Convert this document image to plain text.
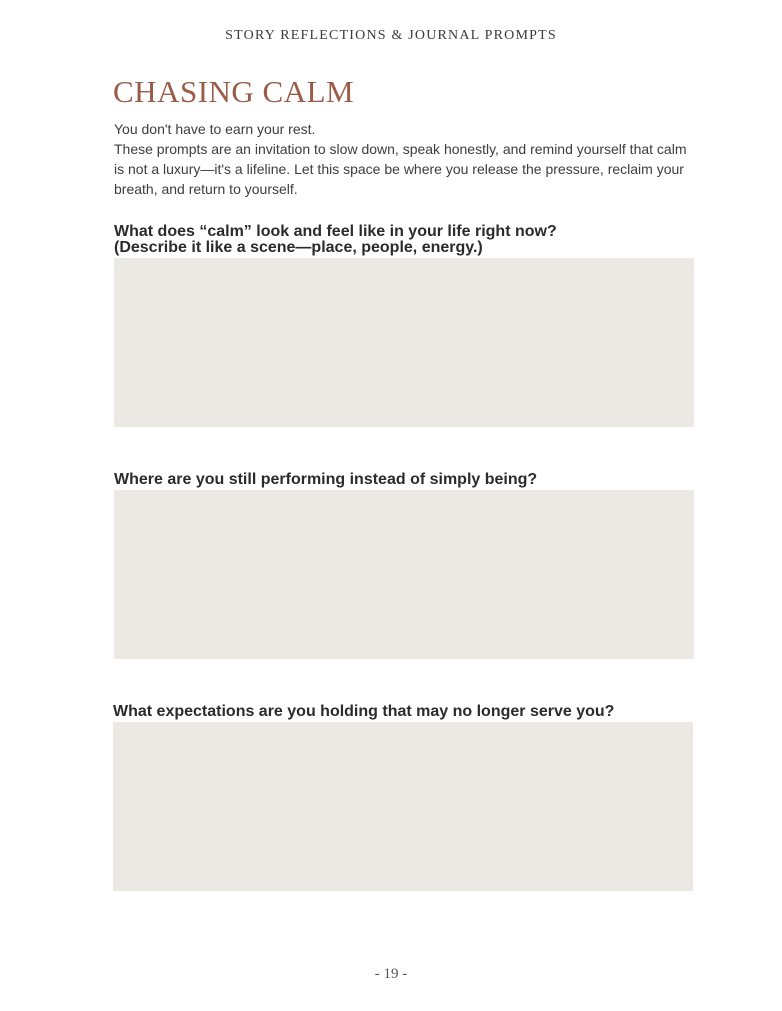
STORY REFLECTIONS & JOURNAL PROMPTS
CHASING CALM

You don't have to earn your rest.

These prompts are an invitation to slow down, speak honestly, and remind yourself that calm is not a luxury—it's a lifeline. Let this space be where you release the pressure, reclaim your breath, and return to yourself.

What does “calm” look and feel like in your life right now?
(Describe it like a scene—place, people, energy.)
Where are you still performing instead of simply being?
What expectations are you holding that may no longer serve you?
- 19 -
